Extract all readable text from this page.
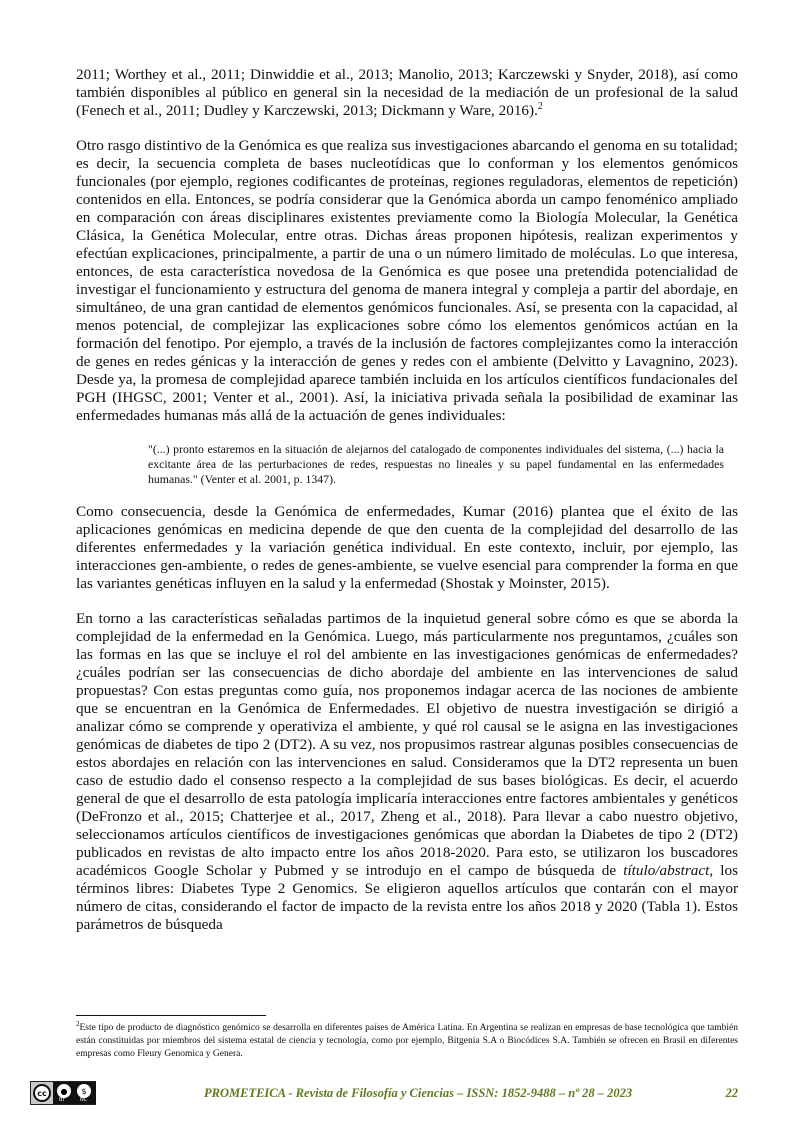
2011; Worthey et al., 2011; Dinwiddie et al., 2013; Manolio, 2013; Karczewski y Snyder, 2018), así como también disponibles al público en general sin la necesidad de la mediación de un profesional de la salud (Fenech et al., 2011; Dudley y Karczewski, 2013; Dickmann y Ware, 2016).$^2$

Otro rasgo distintivo de la Genómica es que realiza sus investigaciones abarcando el genoma en su totalidad; es decir, la secuencia completa de bases nucleotídicas que lo conforman y los elementos genómicos funcionales (por ejemplo, regiones codificantes de proteínas, regiones reguladoras, elementos de repetición) contenidos en ella. Entonces, se podría considerar que la Genómica aborda un campo fenoménico ampliado en comparación con áreas disciplinares existentes previamente como la Biología Molecular, la Genética Clásica, la Genética Molecular, entre otras. Dichas áreas proponen hipótesis, realizan experimentos y efectúan explicaciones, principalmente, a partir de una o un número limitado de moléculas. Lo que interesa, entonces, de esta característica novedosa de la Genómica es que posee una pretendida potencialidad de investigar el funcionamiento y estructura del genoma de manera integral y compleja a partir del abordaje, en simultáneo, de una gran cantidad de elementos genómicos funcionales. Así, se presenta con la capacidad, al menos potencial, de complejizar las explicaciones sobre cómo los elementos genómicos actúan en la formación del fenotipo. Por ejemplo, a través de la inclusión de factores complejizantes como la interacción de genes en redes génicas y la interacción de genes y redes con el ambiente (Delvitto y Lavagnino, 2023). Desde ya, la promesa de complejidad aparece también incluida en los artículos científicos fundacionales del PGH (IHGSC, 2001; Venter et al., 2001). Así, la iniciativa privada señala la posibilidad de examinar las enfermedades humanas más allá de la actuación de genes individuales:

"(...) pronto estaremos en la situación de alejarnos del catalogado de componentes individuales del sistema, (...) hacia la excitante área de las perturbaciones de redes, respuestas no lineales y su papel fundamental en las enfermedades humanas." (Venter et al. 2001, p. 1347).

Como consecuencia, desde la Genómica de enfermedades, Kumar (2016) plantea que el éxito de las aplicaciones genómicas en medicina depende de que den cuenta de la complejidad del desarrollo de las diferentes enfermedades y la variación genética individual. En este contexto, incluir, por ejemplo, las interacciones gen-ambiente, o redes de genes-ambiente, se vuelve esencial para comprender la forma en que las variantes genéticas influyen en la salud y la enfermedad (Shostak y Moinster, 2015).

En torno a las características señaladas partimos de la inquietud general sobre cómo es que se aborda la complejidad de la enfermedad en la Genómica. Luego, más particularmente nos preguntamos, ¿cuáles son las formas en las que se incluye el rol del ambiente en las investigaciones genómicas de enfermedades? ¿cuáles podrían ser las consecuencias de dicho abordaje del ambiente en las intervenciones de salud propuestas? Con estas preguntas como guía, nos proponemos indagar acerca de las nociones de ambiente que se encuentran en la Genómica de Enfermedades. El objetivo de nuestra investigación se dirigió a analizar cómo se comprende y operativiza el ambiente, y qué rol causal se le asigna en las investigaciones genómicas de diabetes de tipo 2 (DT2). A su vez, nos propusimos rastrear algunas posibles consecuencias de estos abordajes en relación con las intervenciones en salud. Consideramos que la DT2 representa un buen caso de estudio dado el consenso respecto a la complejidad de sus bases biológicas. Es decir, el acuerdo general de que el desarrollo de esta patología implicaría interacciones entre factores ambientales y genéticos (DeFronzo et al., 2015; Chatterjee et al., 2017, Zheng et al., 2018). Para llevar a cabo nuestro objetivo, seleccionamos artículos científicos de investigaciones genómicas que abordan la Diabetes de tipo 2 (DT2) publicados en revistas de alto impacto entre los años 2018-2020. Para esto, se utilizaron los buscadores académicos Google Scholar y Pubmed y se introdujo en el campo de búsqueda de título/abstract, los términos libres: Diabetes Type 2 Genomics. Se eligieron aquellos artículos que contarán con el mayor número de citas, considerando el factor de impacto de la revista entre los años 2018 y 2020 (Tabla 1). Estos parámetros de búsqueda

$^2$Este tipo de producto de diagnóstico genómico se desarrolla en diferentes países de América Latina. En Argentina se realizan en empresas de base tecnológica que también están constituidas por miembros del sistema estatal de ciencia y tecnología, como por ejemplo, Bitgenia S.A o Biocódices S.A. También se ofrecen en Brasil en diferentes empresas como Fleury Genomica y Genera.
cc	●	$
BY	NC	PROMETEICA - Revista de Filosofía y Ciencias – ISSN: 1852-9488 – nº 28 – 2023	22
